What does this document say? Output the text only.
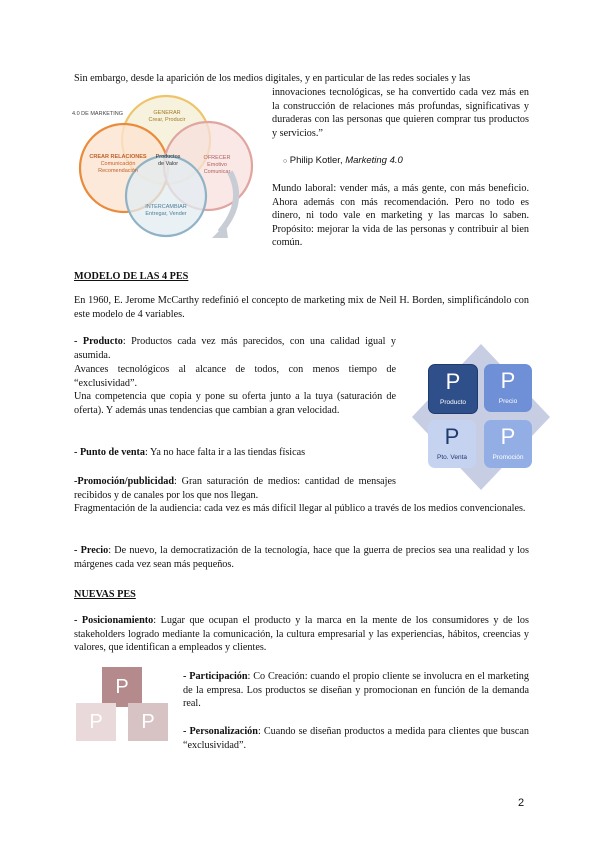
Sin embargo, desde la aparición de los medios digitales, y en particular de las redes sociales y las

4.0 DE MARKETING	GENERAR
Crear, Producir
CREAR RELACIONES
Comunicación
Recomendación
Productos
de Valor
OFRECER
Emotivo
Comunicar
INTERCAMBIAR
Entregar, Vender

innovaciones tecnológicas, se ha convertido cada vez más en la construcción de relaciones más profundas, significativas y duraderas con las personas que quieren comprar tus productos y servicios.”

○ Philip Kotler, Marketing 4.0

Mundo laboral: vender más, a más gente, con más beneficio. Ahora además con más recomendación. Pero no todo es dinero, ni todo vale en marketing y las marcas lo saben. Propósito: mejorar la vida de las personas y contribuir al bien común.

MODELO DE LAS 4 PES

En 1960, E. Jerome McCarthy redefinió el concepto de marketing mix de Neil H. Borden, simplificándolo con este modelo de 4 variables.

- Producto: Productos cada vez más parecidos, con una calidad igual y asumida.

Avances tecnológicos al alcance de todos, con menos tiempo de “exclusividad”.

Una competencia que copia y pone su oferta junto a la tuya (saturación de oferta). Y además unas tendencias que cambian a gran velocidad.

- Punto de venta: Ya no hace falta ir a las tiendas físicas

-Promoción/publicidad: Gran saturación de medios: cantidad de mensajes recibidos y de canales por los que nos llegan.

Fragmentación de la audiencia: cada vez es más difícil llegar al público a través de los medios convencionales.

- Precio: De nuevo, la democratización de la tecnología, hace que la guerra de precios sea una realidad y los márgenes cada vez sean más pequeños.

P
Producto
P
Precio
P
Pto. Venta
P
Promoción
NUEVAS PES

- Posicionamiento: Lugar que ocupan el producto y la marca en la mente de los consumidores y de los stakeholders logrado mediante la comunicación, la cultura empresarial y las experiencias, hábitos, creencias y valores, que identifican a empleados y clientes.

P
P	P

- Participación: Co Creación: cuando el propio cliente se involucra en el marketing de la empresa. Los productos se diseñan y promocionan en función de la demanda real.

- Personalización: Cuando se diseñan productos a medida para clientes que buscan “exclusividad”.

2
